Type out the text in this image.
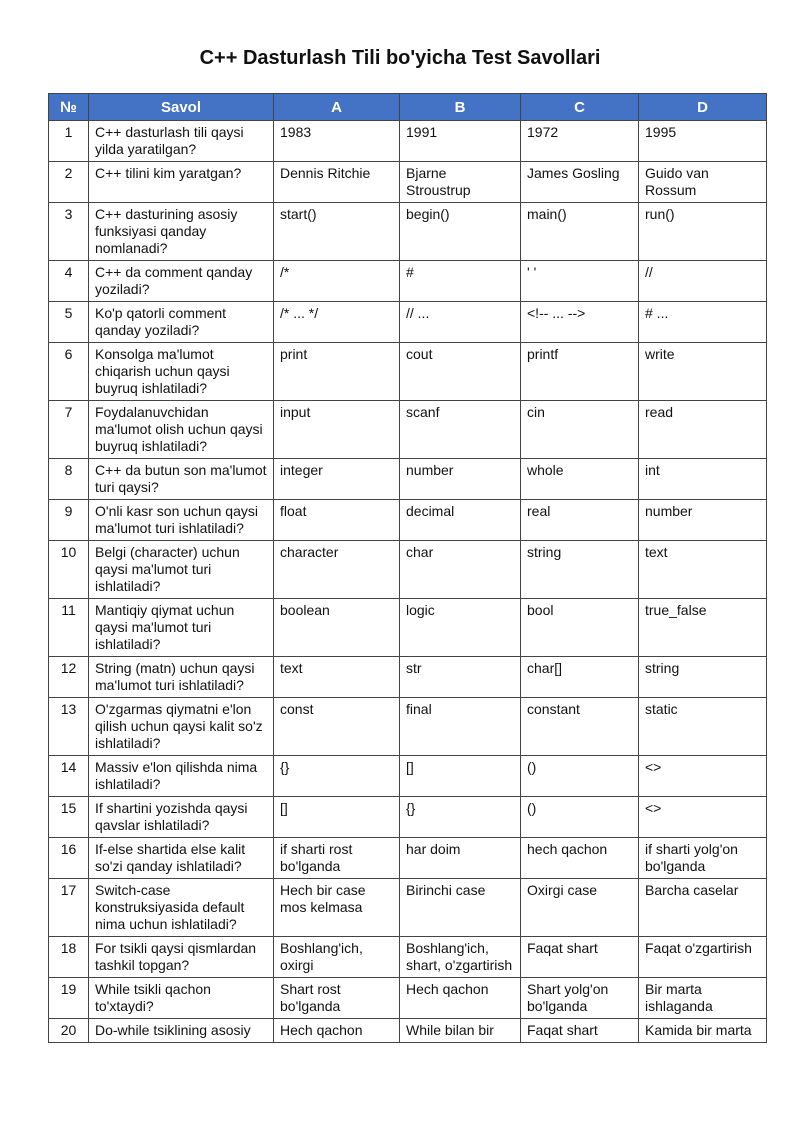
C++ Dasturlash Tili bo'yicha Test Savollari
№	Savol	A	B	C	D
1	C++ dasturlash tili qaysi yilda yaratilgan?	1983	1991	1972	1995
2	C++ tilini kim yaratgan?	Dennis Ritchie	Bjarne Stroustrup	James Gosling	Guido van Rossum
3	C++ dasturining asosiy funksiyasi qanday nomlanadi?	start()	begin()	main()	run()
4	C++ da comment qanday yoziladi?	/*	#	' '	//
5	Ko'p qatorli comment qanday yoziladi?	/* ... */	// ...	<!-- ... -->	# ...
6	Konsolga ma'lumot chiqarish uchun qaysi buyruq ishlatiladi?	print	cout	printf	write
7	Foydalanuvchidan ma'lumot olish uchun qaysi buyruq ishlatiladi?	input	scanf	cin	read
8	C++ da butun son ma'lumot turi qaysi?	integer	number	whole	int
9	O'nli kasr son uchun qaysi ma'lumot turi ishlatiladi?	float	decimal	real	number
10	Belgi (character) uchun qaysi ma'lumot turi ishlatiladi?	character	char	string	text
11	Mantiqiy qiymat uchun qaysi ma'lumot turi ishlatiladi?	boolean	logic	bool	true_false
12	String (matn) uchun qaysi ma'lumot turi ishlatiladi?	text	str	char[]	string
13	O'zgarmas qiymatni e'lon qilish uchun qaysi kalit so'z ishlatiladi?	const	final	constant	static
14	Massiv e'lon qilishda nima ishlatiladi?	{}	[]	()	<>
15	If shartini yozishda qaysi qavslar ishlatiladi?	[]	{}	()	<>
16	If-else shartida else kalit so'zi qanday ishlatiladi?	if sharti rost bo'lganda	har doim	hech qachon	if sharti yolg'on bo'lganda
17	Switch-case konstruksiyasida default nima uchun ishlatiladi?	Hech bir case mos kelmasa	Birinchi case	Oxirgi case	Barcha caselar
18	For tsikli qaysi qismlardan tashkil topgan?	Boshlang'ich, oxirgi	Boshlang'ich, shart, o'zgartirish	Faqat shart	Faqat o'zgartirish
19	While tsikli qachon to'xtaydi?	Shart rost bo'lganda	Hech qachon	Shart yolg'on bo'lganda	Bir marta ishlaganda
20	Do-while tsiklining asosiy	Hech qachon	While bilan bir	Faqat shart	Kamida bir marta
